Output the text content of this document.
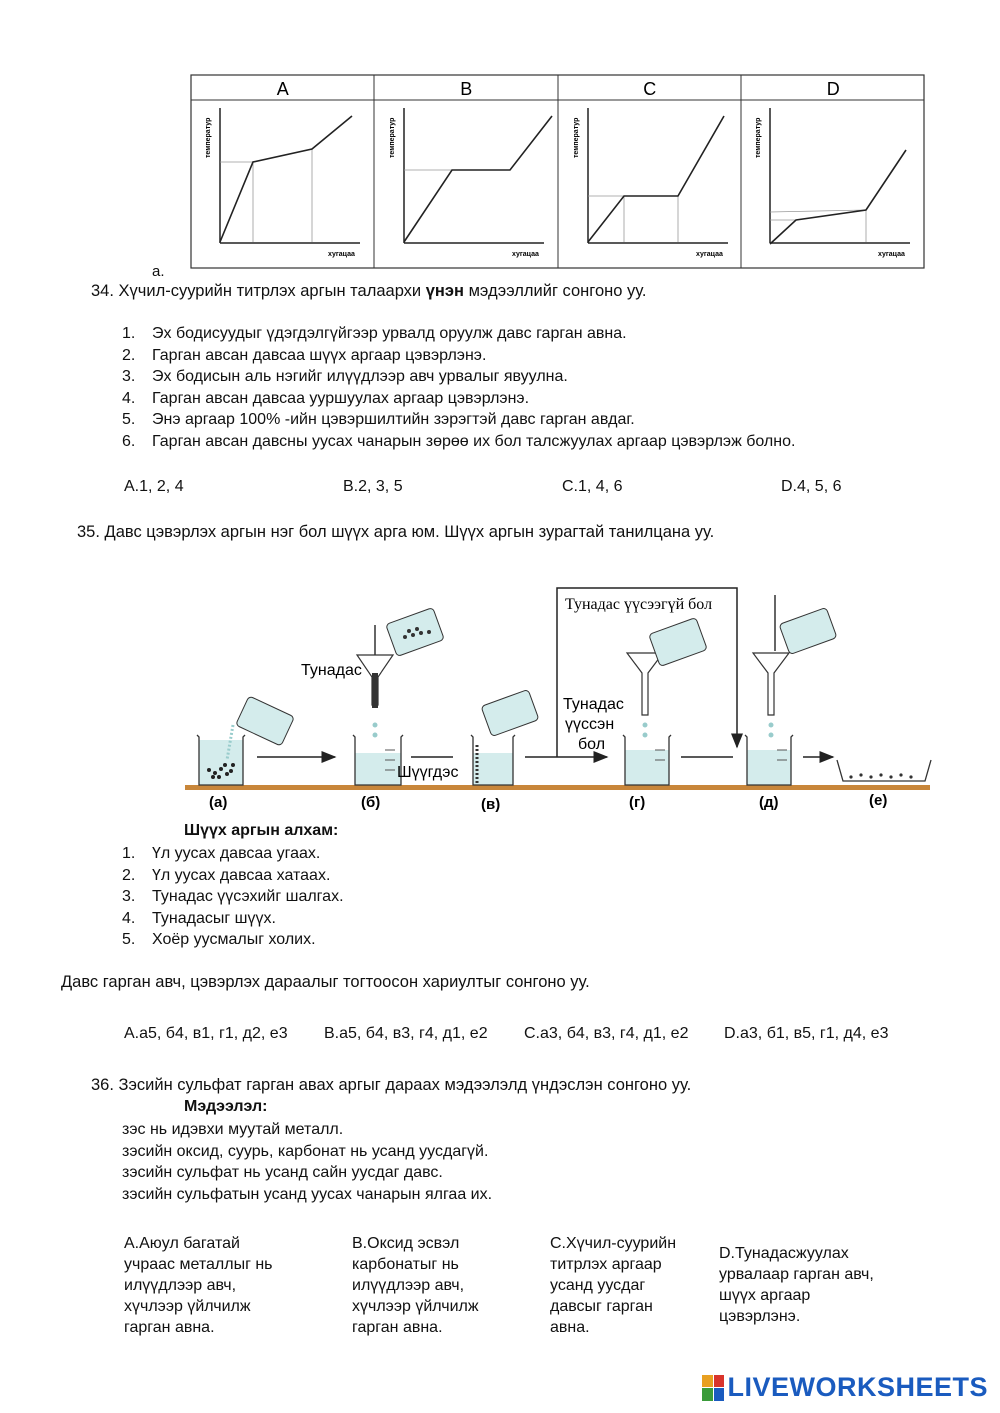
A
температур
хугацаа
B
температур
хугацаа
C
температур
хугацаа
D
температур
хугацаа
a.
34. Хүчил-суурийн титрлэх аргын талаархи үнэн мэдээллийг сонгоно уу.
1. Эх бодисуудыг үдэгдэлгүйгээр урвалд оруулж давс гарган авна.
2. Гарган авсан давсаа шүүх аргаар цэвэрлэнэ.
3. Эх бодисын аль нэгийг илүүдлээр авч урвалыг явуулна.
4. Гарган авсан давсаа ууршуулах аргаар цэвэрлэнэ.
5. Энэ аргаар 100% -ийн цэвэршилтийн зэрэгтэй давс гарган авдаг.
6. Гарган авсан давсны уусах чанарын зөрөө их бол талсжуулах аргаар цэвэрлэж болно.
A.1, 2, 4	B.2, 3, 5	C.1, 4, 6	D.4, 5, 6
35. Давс цэвэрлэх аргын нэг бол шүүх арга юм. Шүүх аргын зурагтай танилцана уу.
Тунадас үүсээгүй бол
Тунадас
Тунадас
үүссэн
бол
Шүүгдэс
(а)	(б)	(в)	(г)	(д)	(е)
Шүүх аргын алхам:
1. Үл уусах давсаа угаах.
2. Үл уусах давсаа хатаах.
3. Тунадас үүсэхийг шалгах.
4. Тунадасыг шүүх.
5. Хоёр уусмалыг холих.
Давс гарган авч, цэвэрлэх дараалыг тогтоосон хариултыг сонгоно уу.
A.а5, б4, в1, г1, д2, е3 B.а5, б4, в3, г4, д1, е2 C.а3, б4, в3, г4, д1, е2 D.а3, б1, в5, г1, д4, е3
36. Зэсийн сульфат гарган авах аргыг дараах мэдээлэлд үндэслэн сонгоно уу.
Мэдээлэл:
зэс нь идэвхи муутай металл.
зэсийн оксид, суурь, карбонат нь усанд уусдагүй.
зэсийн сульфат нь усанд сайн уусдаг давс.
зэсийн сульфатын усанд уусах чанарын ялгаа их.
A.Аюул багатай
учраас металлыг нь
илүүдлээр авч,
хүчлээр үйлчилж
гарган авна.
B.Оксид эсвэл
карбонатыг нь
илүүдлээр авч,
хүчлээр үйлчилж
гарган авна.
C.Хүчил-суурийн
титрлэх аргаар
усанд уусдаг
давсыг гарган
авна.
D.Тунадасжуулах
урвалаар гарган авч,
шүүх аргаар
цэвэрлэнэ.
LIVEWORKSHEETS
